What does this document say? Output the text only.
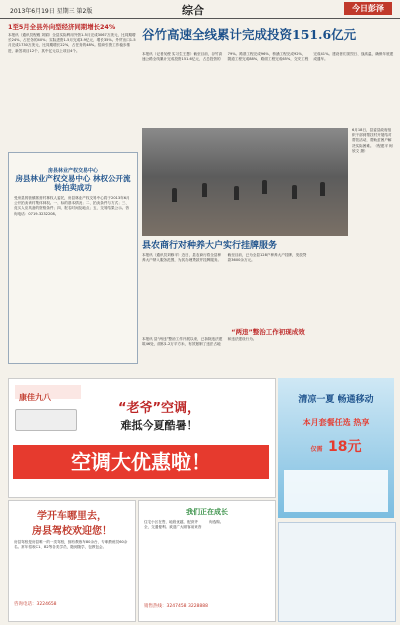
2013年6月19日 星期三 第2版	综合	今日彭泽
1至5月全县外向型经济同期增长24%
本报讯（通讯员程雅 刘娟）全县实际利用外资1-5月完成3067万美元，比同期增长24%，占任务的40%；实际进资1-5月完成3.9亿元，增长35%。外贸出口1-5月完成1730万美元，比同期增长22%，占任务的48%。招商引资工作稳步推进，新签项目12个，其中亿元以上项目4个。
谷竹高速全线累计完成投资151.6亿元
本报讯（记者吴俊 实习生王慧）截至目前，谷竹高速公路全线累计完成投资151.6亿元，占总投资的79%。路基工程完成96%，桥涵工程完成92%，隧道工程完成88%，路面工程完成65%，交安工程完成41%。建设者们顶烈日、战高温，确保年底建成通车。
房县林业产权交易中心
房县林业产权交易中心 林权公开流转拍卖成功
受房县郭营镇郭营村林权人委托，房县林业产权交易中心将于2013年6月公开拍卖该村集体林权。一、标的基本情况；二、拍卖条件与方式；三、竞买人应具备的资格条件；四、报名时间及地点；五、交易结果公示。咨询电话：0719-3232208。
6月18日，县委县政府组织干部到帮扶村开展结对帮扶活动，帮助贫困户解决实际困难。（程建平 柯欣文 摄）
县农商行对种养大户实行挂牌服务
本报讯（通讯员刘修平）近日，县农商行将全县种养大户纳入服务范围，为其办理贷款并挂牌服务。截至目前，已为全县128户种养大户挂牌，发放贷款3600余万元。
“两违”整治工作初现成效
本报讯 县“两违”整治工作开展以来，已拆除违法建筑46处，面积1.2万平方米，有效遏制了违法占地和违法建设行为。
康佳九八
“老爷”空调，
难抵今夏酷暑！
空调大优惠啦！
清凉一夏 畅通移动
本月套餐任选 热享
仅需 18元
学开车哪里去，
房县驾校欢迎您！
房县驾校是房县唯一的一类驾校，拥有教练车80余台，专职教练员60余名。常年招收C1、B2等各类学员，随到随学，包教包会。
咨询电话：3224658
我们正在成长
住宅小区在售，地段优越，配套齐全，交通便利。欢迎广大顾客前来咨询选购。
销售热线：3247458 3228888
